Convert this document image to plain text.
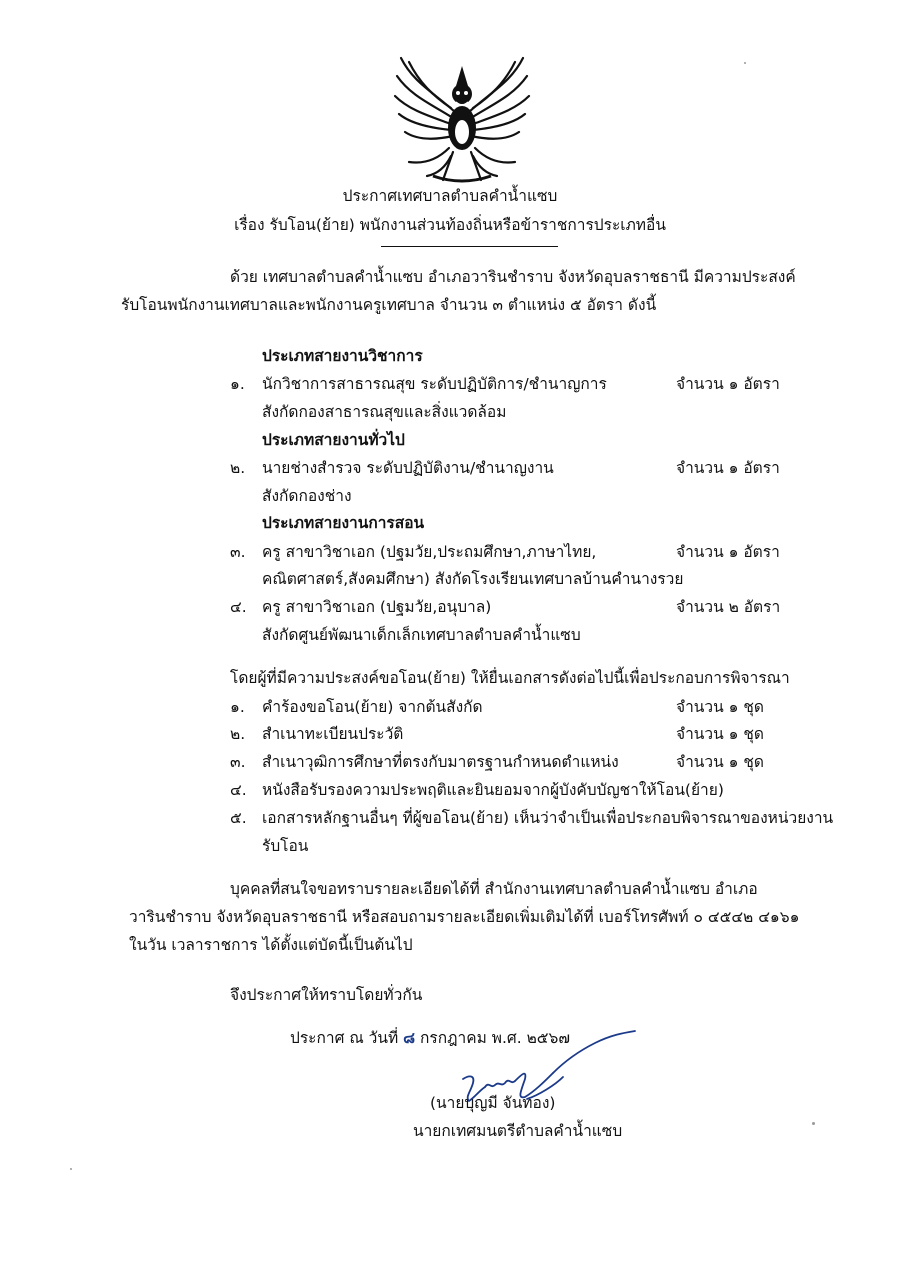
ประกาศเทศบาลตำบลคำน้ำแซบ
เรื่อง รับโอน(ย้าย) พนักงานส่วนท้องถิ่นหรือข้าราชการประเภทอื่น
ด้วย เทศบาลตำบลคำน้ำแซบ อำเภอวารินชำราบ จังหวัดอุบลราชธานี มีความประสงค์
รับโอนพนักงานเทศบาลและพนักงานครูเทศบาล จำนวน ๓ ตำแหน่ง ๕ อัตรา ดังนี้
ประเภทสายงานวิชาการ
๑. นักวิชาการสาธารณสุข ระดับปฏิบัติการ/ชำนาญการ	จำนวน ๑ อัตรา
สังกัดกองสาธารณสุขและสิ่งแวดล้อม
ประเภทสายงานทั่วไป
๒. นายช่างสำรวจ ระดับปฏิบัติงาน/ชำนาญงาน	จำนวน ๑ อัตรา
สังกัดกองช่าง
ประเภทสายงานการสอน
๓. ครู สาขาวิชาเอก (ปฐมวัย,ประถมศึกษา,ภาษาไทย,	จำนวน ๑ อัตรา
คณิตศาสตร์,สังคมศึกษา) สังกัดโรงเรียนเทศบาลบ้านคำนางรวย
๔. ครู สาขาวิชาเอก (ปฐมวัย,อนุบาล)	จำนวน ๒ อัตรา
สังกัดศูนย์พัฒนาเด็กเล็กเทศบาลตำบลคำน้ำแซบ
โดยผู้ที่มีความประสงค์ขอโอน(ย้าย) ให้ยื่นเอกสารดังต่อไปนี้เพื่อประกอบการพิจารณา
๑. คำร้องขอโอน(ย้าย) จากต้นสังกัด	จำนวน ๑ ชุด
๒. สำเนาทะเบียนประวัติ	จำนวน ๑ ชุด
๓. สำเนาวุฒิการศึกษาที่ตรงกับมาตรฐานกำหนดตำแหน่ง	จำนวน ๑ ชุด
๔. หนังสือรับรองความประพฤติและยินยอมจากผู้บังคับบัญชาให้โอน(ย้าย)
๕. เอกสารหลักฐานอื่นๆ ที่ผู้ขอโอน(ย้าย) เห็นว่าจำเป็นเพื่อประกอบพิจารณาของหน่วยงาน
รับโอน
บุคคลที่สนใจขอทราบรายละเอียดได้ที่ สำนักงานเทศบาลตำบลคำน้ำแซบ อำเภอ
วารินชำราบ จังหวัดอุบลราชธานี หรือสอบถามรายละเอียดเพิ่มเติมได้ที่ เบอร์โทรศัพท์ ๐ ๔๕๔๒ ๔๑๖๑
ในวัน เวลาราชการ ได้ตั้งแต่บัดนี้เป็นต้นไป
จึงประกาศให้ทราบโดยทั่วกัน
ประกาศ ณ วันที่ ๘ กรกฎาคม พ.ศ. ๒๕๖๗
(นายบุญมี จันทอง)
นายกเทศมนตรีตำบลคำน้ำแซบ
